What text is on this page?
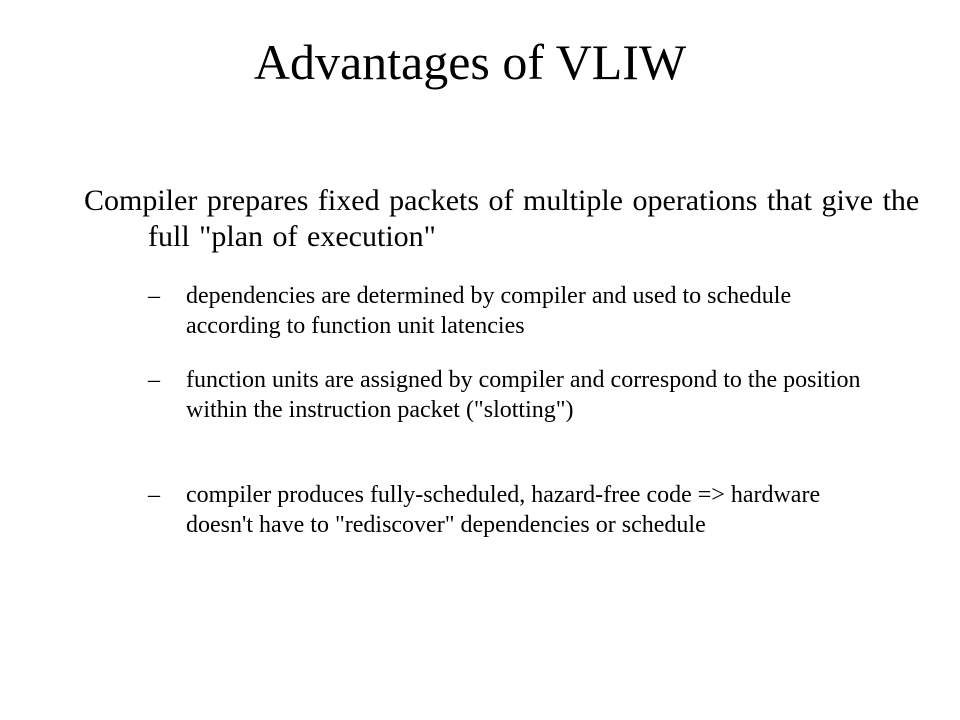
Advantages of VLIW
Compiler prepares fixed packets of multiple operations that give the full "plan of execution"
–	dependencies are determined by compiler and used to schedule according to function unit latencies
–	function units are assigned by compiler and correspond to the position within the instruction packet ("slotting")
–	compiler produces fully-scheduled, hazard-free code => hardware doesn't have to "rediscover" dependencies or schedule
